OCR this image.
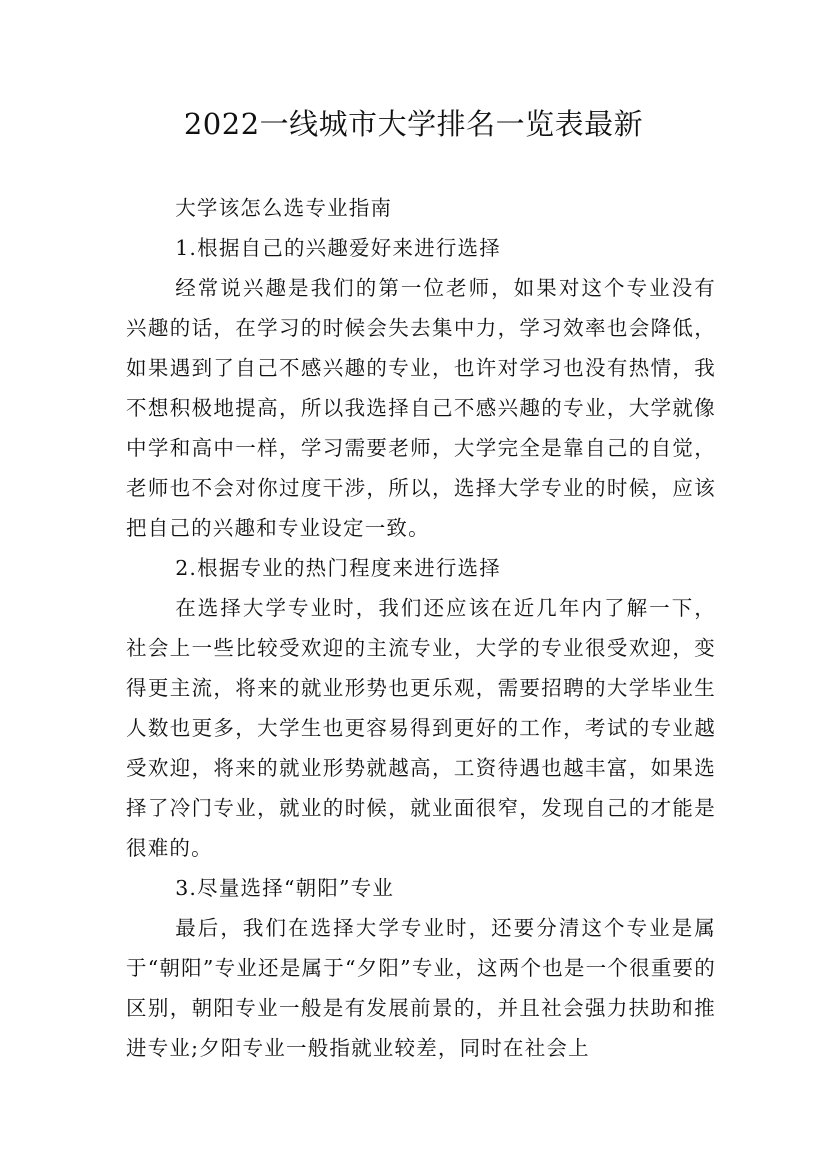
2022一线城市大学排名一览表最新

大学该怎么选专业指南

1.根据自己的兴趣爱好来进行选择

经常说兴趣是我们的第一位老师，如果对这个专业没有兴趣的话，在学习的时候会失去集中力，学习效率也会降低，如果遇到了自己不感兴趣的专业，也许对学习也没有热情，我不想积极地提高，所以我选择自己不感兴趣的专业，大学就像中学和高中一样，学习需要老师，大学完全是靠自己的自觉，老师也不会对你过度干涉，所以，选择大学专业的时候，应该把自己的兴趣和专业设定一致。

2.根据专业的热门程度来进行选择

在选择大学专业时，我们还应该在近几年内了解一下，社会上一些比较受欢迎的主流专业，大学的专业很受欢迎，变得更主流，将来的就业形势也更乐观，需要招聘的大学毕业生人数也更多，大学生也更容易得到更好的工作，考试的专业越受欢迎，将来的就业形势就越高，工资待遇也越丰富，如果选择了冷门专业，就业的时候，就业面很窄，发现自己的才能是很难的。

3.尽量选择“朝阳”专业

最后，我们在选择大学专业时，还要分清这个专业是属于“朝阳”专业还是属于“夕阳”专业，这两个也是一个很重要的区别，朝阳专业一般是有发展前景的，并且社会强力扶助和推进专业;夕阳专业一般指就业较差，同时在社会上
